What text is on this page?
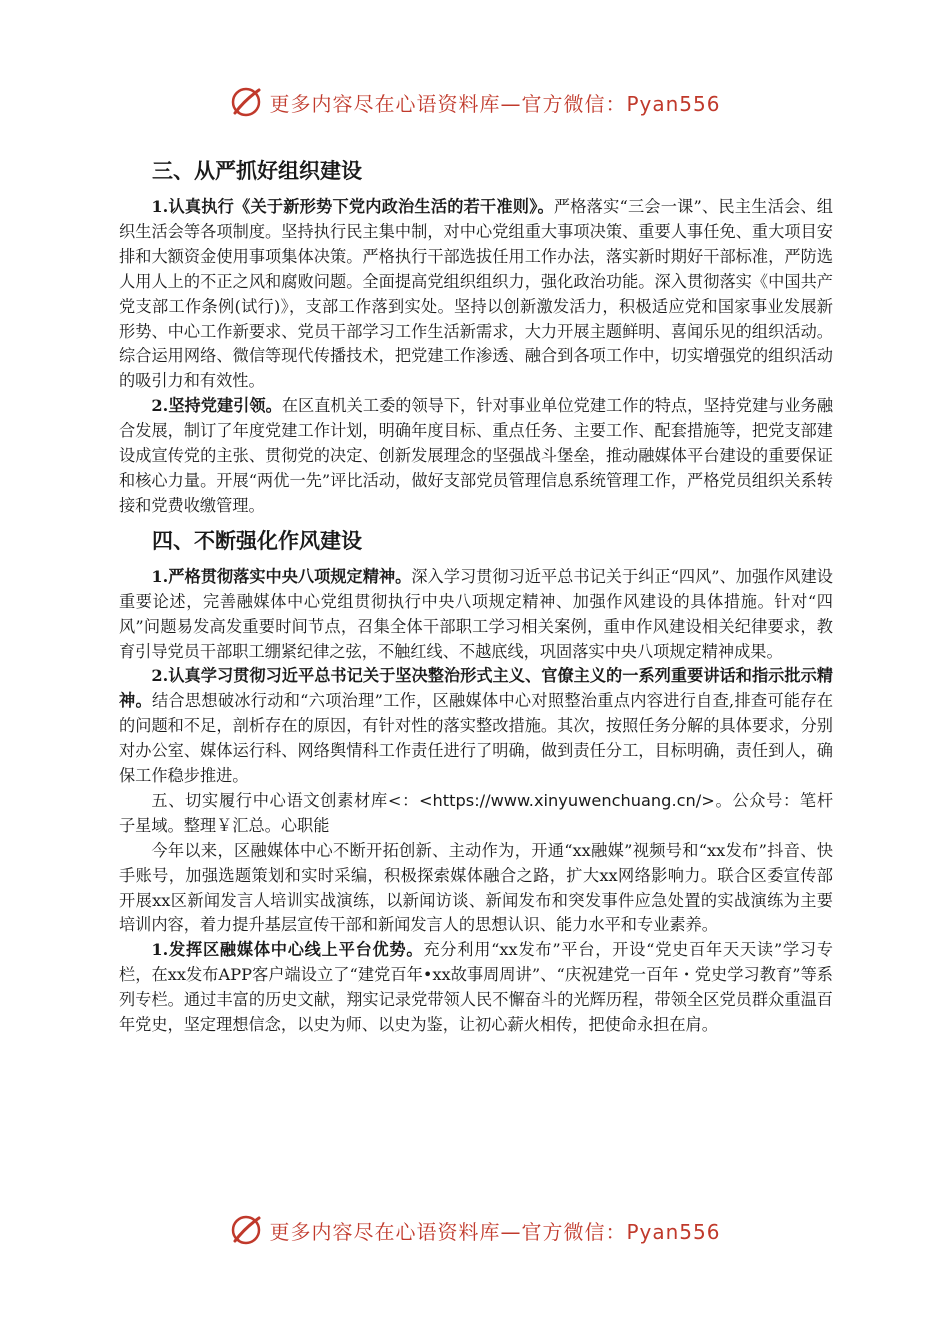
更多内容尽在心语资料库—官方微信：Pyan556
三、从严抓好组织建设

1.认真执行《关于新形势下党内政治生活的若干准则》。严格落实“三会一课”、民主生活会、组织生活会等各项制度。坚持执行民主集中制，对中心党组重大事项决策、重要人事任免、重大项目安排和大额资金使用事项集体决策。严格执行干部选拔任用工作办法，落实新时期好干部标准，严防选人用人上的不正之风和腐败问题。全面提高党组织组织力，强化政治功能。深入贯彻落实《中国共产党支部工作条例(试行)》，支部工作落到实处。坚持以创新激发活力，积极适应党和国家事业发展新形势、中心工作新要求、党员干部学习工作生活新需求，大力开展主题鲜明、喜闻乐见的组织活动。综合运用网络、微信等现代传播技术，把党建工作渗透、融合到各项工作中，切实增强党的组织活动的吸引力和有效性。

2.坚持党建引领。在区直机关工委的领导下，针对事业单位党建工作的特点，坚持党建与业务融合发展，制订了年度党建工作计划，明确年度目标、重点任务、主要工作、配套措施等，把党支部建设成宣传党的主张、贯彻党的决定、创新发展理念的坚强战斗堡垒，推动融媒体平台建设的重要保证和核心力量。开展“两优一先”评比活动，做好支部党员管理信息系统管理工作，严格党员组织关系转接和党费收缴管理。

四、不断强化作风建设

1.严格贯彻落实中央八项规定精神。深入学习贯彻习近平总书记关于纠正“四风”、加强作风建设重要论述，完善融媒体中心党组贯彻执行中央八项规定精神、加强作风建设的具体措施。针对“四风”问题易发高发重要时间节点，召集全体干部职工学习相关案例，重申作风建设相关纪律要求，教育引导党员干部职工绷紧纪律之弦，不触红线、不越底线，巩固落实中央八项规定精神成果。

2.认真学习贯彻习近平总书记关于坚决整治形式主义、官僚主义的一系列重要讲话和指示批示精神。结合思想破冰行动和“六项治理”工作，区融媒体中心对照整治重点内容进行自查,排查可能存在的问题和不足，剖析存在的原因，有针对性的落实整改措施。其次，按照任务分解的具体要求，分别对办公室、媒体运行科、网络舆情科工作责任进行了明确，做到责任分工，目标明确，责任到人，确保工作稳步推进。

五、切实履行中心语文创素材库<：<https://www.xinyuwenchuang.cn/>。公众号：笔杆子星域。整理￥汇总。心职能

今年以来，区融媒体中心不断开拓创新、主动作为，开通“xx融媒”视频号和“xx发布”抖音、快手账号，加强选题策划和实时采编，积极探索媒体融合之路，扩大xx网络影响力。联合区委宣传部开展xx区新闻发言人培训实战演练，以新闻访谈、新闻发布和突发事件应急处置的实战演练为主要培训内容，着力提升基层宣传干部和新闻发言人的思想认识、能力水平和专业素养。

1.发挥区融媒体中心线上平台优势。充分利用“xx发布”平台，开设“党史百年天天读”学习专栏，在xx发布APP客户端设立了“建党百年•xx故事周周讲”、“庆祝建党一百年・党史学习教育”等系列专栏。通过丰富的历史文献，翔实记录党带领人民不懈奋斗的光辉历程，带领全区党员群众重温百年党史，坚定理想信念，以史为师、以史为鉴，让初心薪火相传，把使命永担在肩。

更多内容尽在心语资料库—官方微信：Pyan556
